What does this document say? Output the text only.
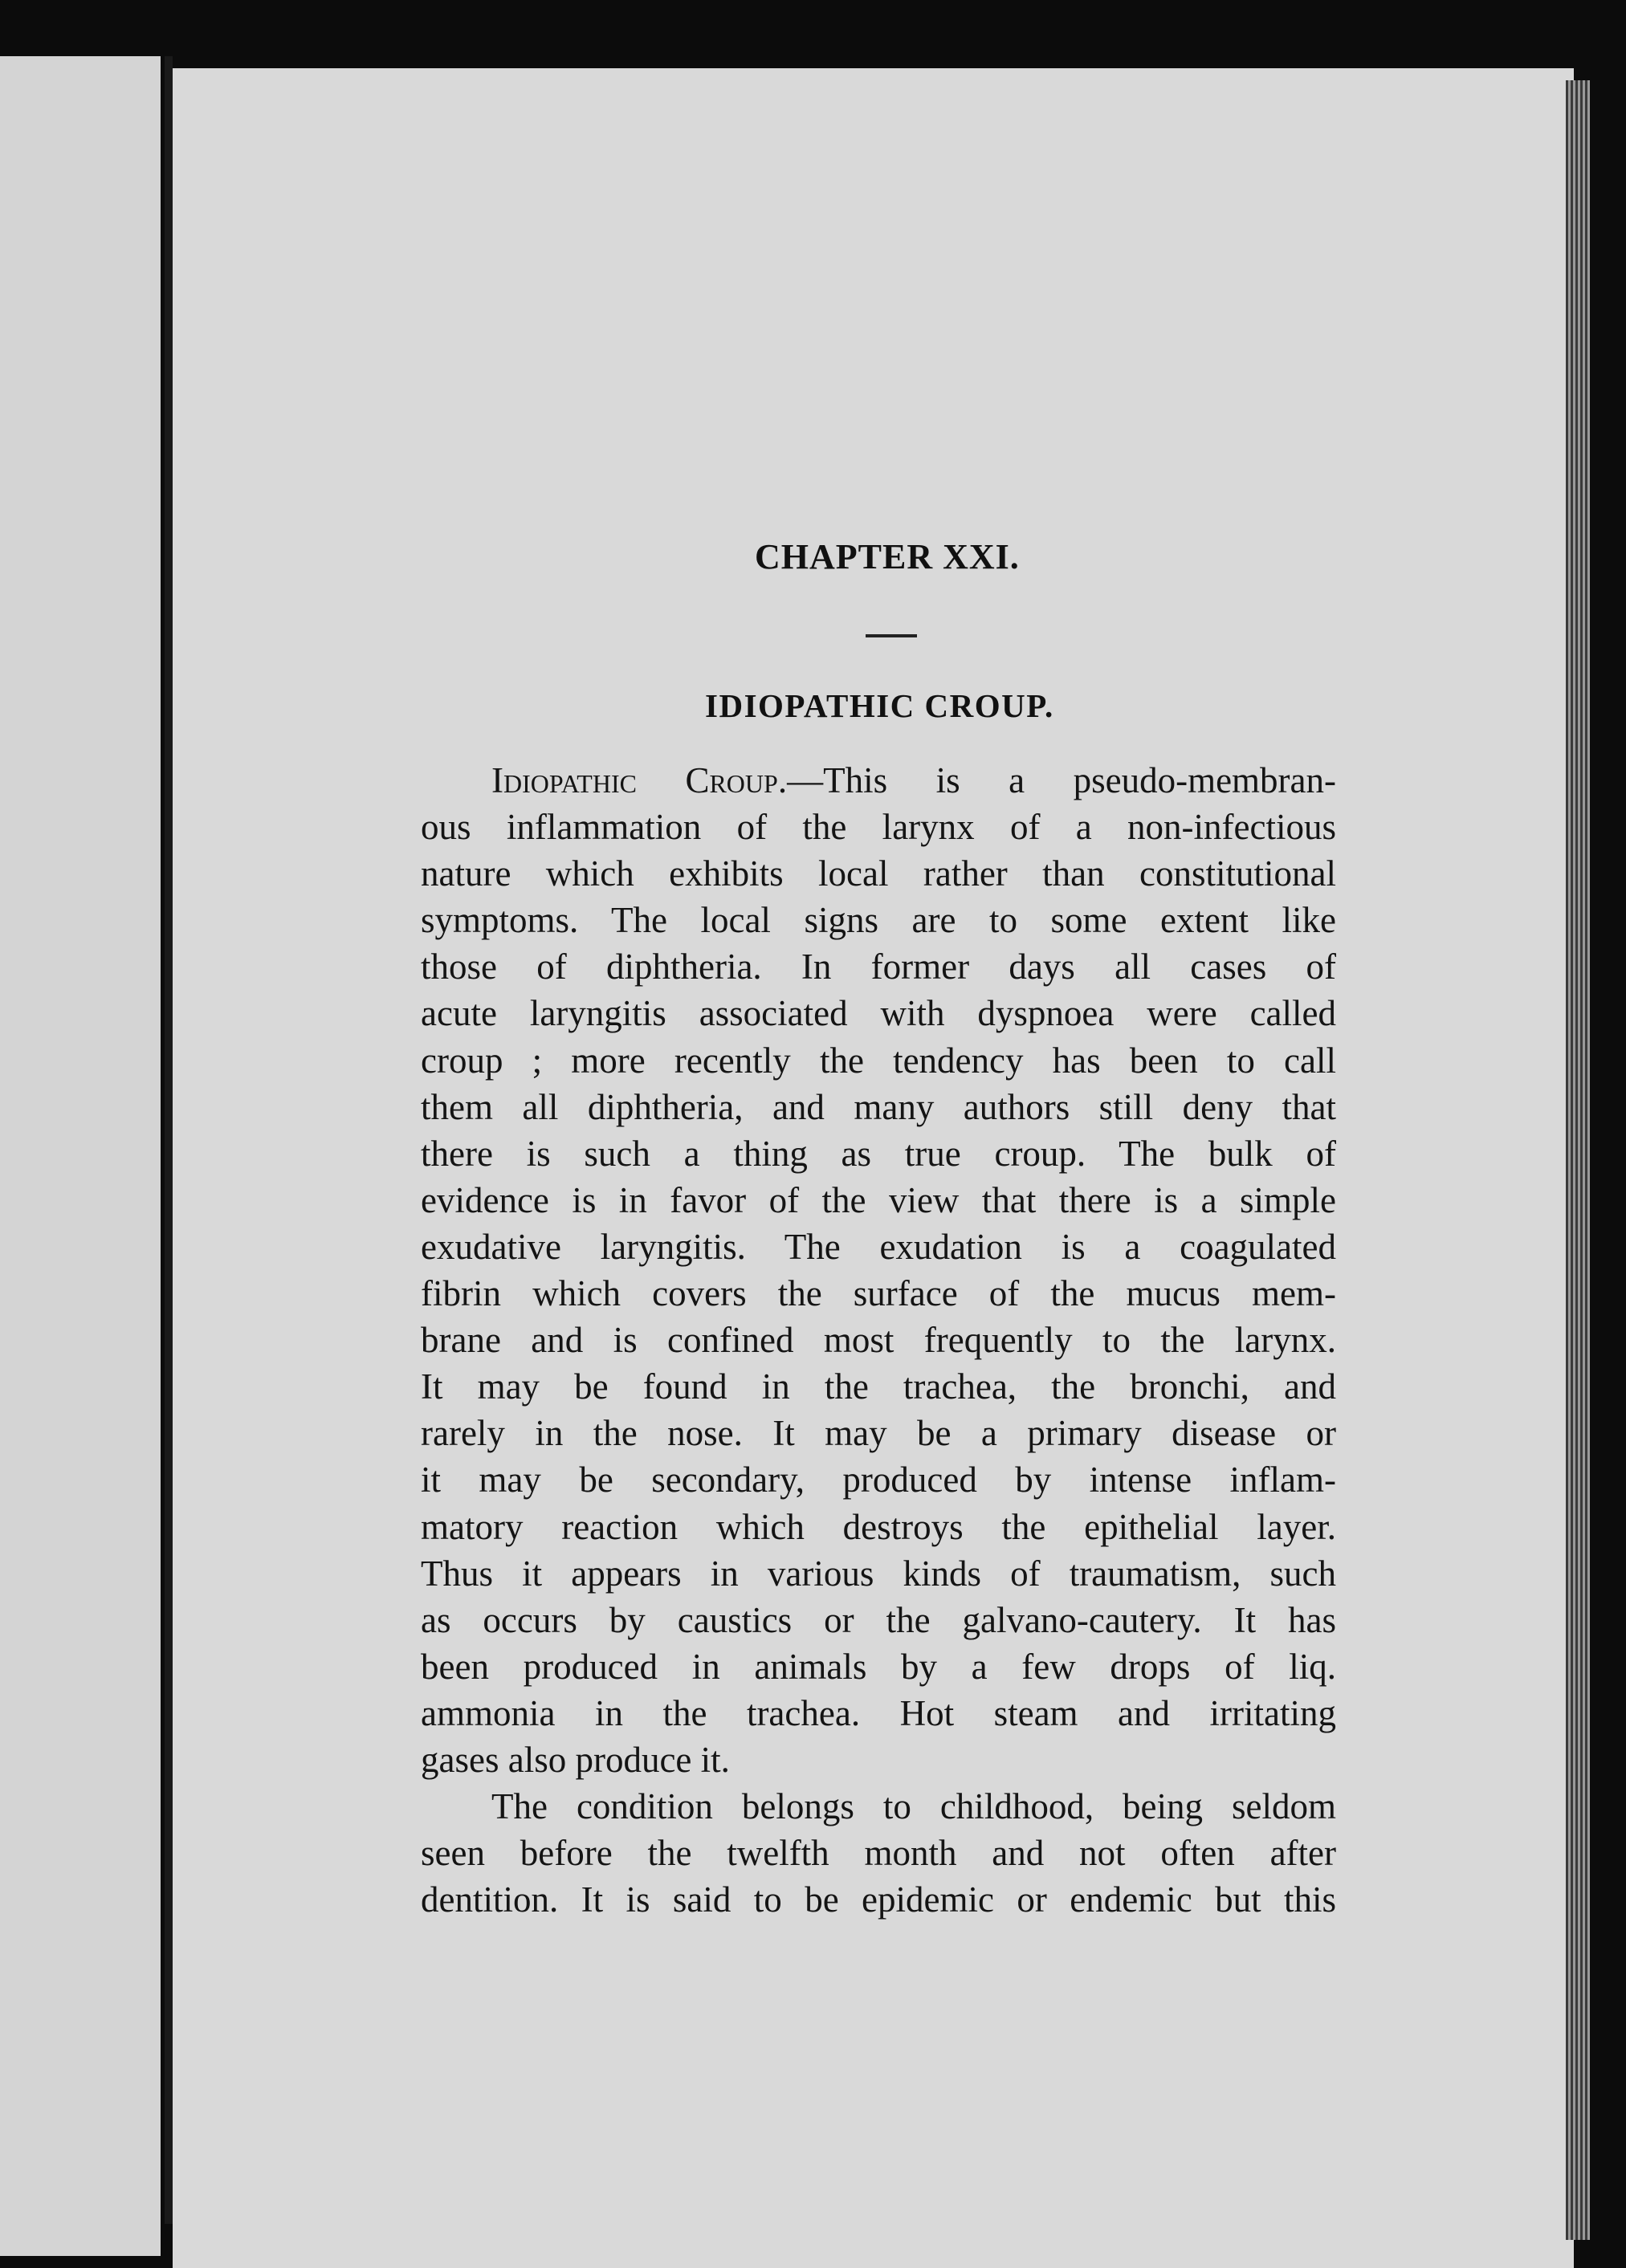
CHAPTER XXI.
IDIOPATHIC CROUP.
Idiopathic Croup.—This is a pseudo-membran-
ous inflammation of the larynx of a non-infectious
nature which exhibits local rather than constitutional
symptoms. The local signs are to some extent like
those of diphtheria. In former days all cases of
acute laryngitis associated with dyspnoea were called
croup ; more recently the tendency has been to call
them all diphtheria, and many authors still deny that
there is such a thing as true croup. The bulk of
evidence is in favor of the view that there is a simple
exudative laryngitis. The exudation is a coagulated
fibrin which covers the surface of the mucus mem-
brane and is confined most frequently to the larynx.
It may be found in the trachea, the bronchi, and
rarely in the nose. It may be a primary disease or
it may be secondary, produced by intense inflam-
matory reaction which destroys the epithelial layer.
Thus it appears in various kinds of traumatism, such
as occurs by caustics or the galvano-cautery. It has
been produced in animals by a few drops of liq.
ammonia in the trachea. Hot steam and irritating
gases also produce it.
The condition belongs to childhood, being seldom
seen before the twelfth month and not often after
dentition. It is said to be epidemic or endemic but this
